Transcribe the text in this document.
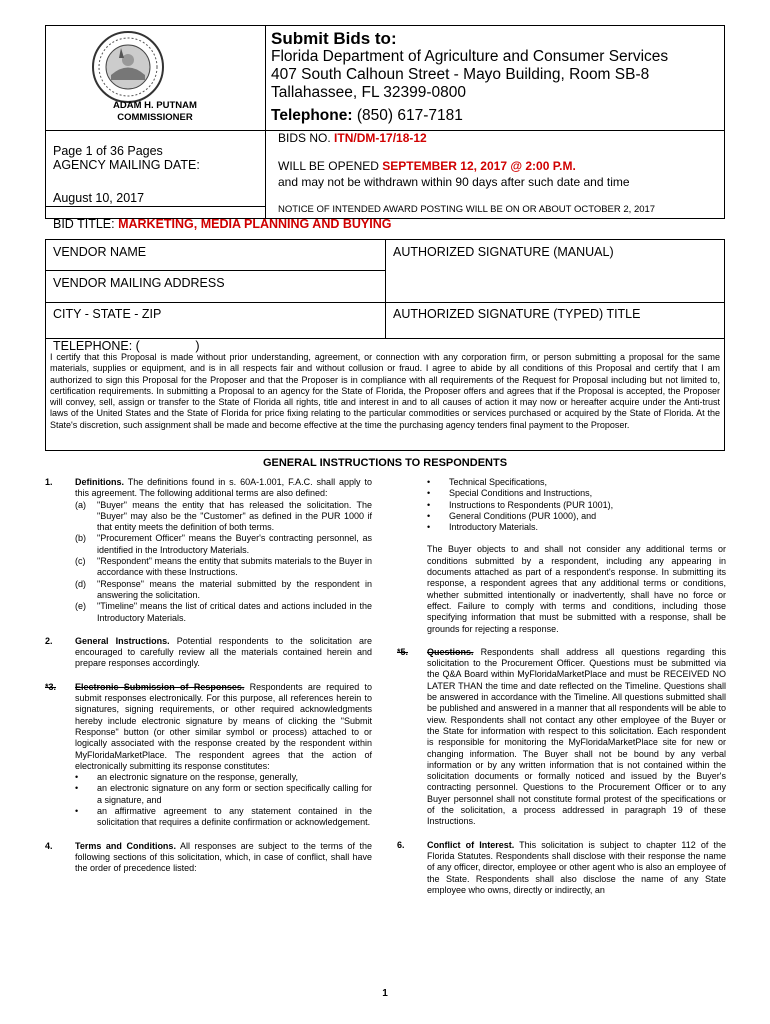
ADAM H. PUTNAM
COMMISSIONER
Page 1 of 36 Pages
AGENCY MAILING DATE:
August 10, 2017
Submit Bids to:
Florida Department of Agriculture and Consumer Services
407 South Calhoun Street - Mayo Building, Room SB-8
Tallahassee, FL 32399-0800
Telephone: (850) 617-7181
BIDS NO. ITN/DM-17/18-12
WILL BE OPENED SEPTEMBER 12, 2017 @ 2:00 P.M.
and may not be withdrawn within 90 days after such date and time
NOTICE OF INTENDED AWARD POSTING WILL BE ON OR ABOUT OCTOBER 2, 2017
BID TITLE: MARKETING, MEDIA PLANNING AND BUYING
VENDOR NAME	AUTHORIZED SIGNATURE (MANUAL)
VENDOR MAILING ADDRESS
CITY - STATE - ZIP	AUTHORIZED SIGNATURE (TYPED) TITLE
TELEPHONE: (                )

I certify that this Proposal is made without prior understanding, agreement, or connection with any corporation firm, or person submitting a proposal for the same materials, supplies or equipment, and is in all respects fair and without collusion or fraud. I agree to abide by all conditions of this Proposal and certify that I am authorized to sign this Proposal for the Proposer and that the Proposer is in compliance with all requirements of the Request for Proposal including but not limited to, certification requirements. In submitting a Proposal to an agency for the State of Florida, the Proposer offers and agrees that if the Proposal is accepted, the Proposer will convey, sell, assign or transfer to the State of Florida all rights, title and interest in and to all causes of action it may now or hereafter acquire under the Anti-trust laws of the United States and the State of Florida for price fixing relating to the particular commodities or services purchased or acquired by the State of Florida. At the State's discretion, such assignment shall be made and become effective at the time the purchasing agency tenders final payment to the Proposer.

GENERAL INSTRUCTIONS TO RESPONDENTS
1. Definitions. The definitions found in s. 60A-1.001, F.A.C. shall apply to this agreement. The following additional terms are also defined:

(a) "Buyer" means the entity that has released the solicitation. The "Buyer" may also be the "Customer" as defined in the PUR 1000 if that entity meets the definition of both terms.

(b) "Procurement Officer" means the Buyer's contracting personnel, as identified in the Introductory Materials.

(c) "Respondent" means the entity that submits materials to the Buyer in accordance with these Instructions.

(d) "Response" means the material submitted by the respondent in answering the solicitation.

(e) "Timeline" means the list of critical dates and actions included in the Introductory Materials.

2. General Instructions. Potential respondents to the solicitation are encouraged to carefully review all the materials contained herein and prepare responses accordingly.

*3. Electronic Submission of Responses. Respondents are required to submit responses electronically. For this purpose, all references herein to signatures, signing requirements, or other required acknowledgments hereby include electronic signature by means of clicking the "Submit Response" button (or other similar symbol or process) attached to or logically associated with the response created by the respondent within MyFloridaMarketPlace. The respondent agrees that the action of electronically submitting its response constitutes:

• an electronic signature on the response, generally,
• an electronic signature on any form or section specifically calling for a signature, and
• an affirmative agreement to any statement contained in the solicitation that requires a definite confirmation or acknowledgement.
4. Terms and Conditions. All responses are subject to the terms of the following sections of this solicitation, which, in case of conflict, shall have the order of precedence listed:

• Technical Specifications,
• Special Conditions and Instructions,
• Instructions to Respondents (PUR 1001),
• General Conditions (PUR 1000), and
• Introductory Materials.

The Buyer objects to and shall not consider any additional terms or conditions submitted by a respondent, including any appearing in documents attached as part of a respondent's response. In submitting its response, a respondent agrees that any additional terms or conditions, whether submitted intentionally or inadvertently, shall have no force or effect. Failure to comply with terms and conditions, including those specifying information that must be submitted with a response, shall be grounds for rejecting a response.

*5. Questions. Respondents shall address all questions regarding this solicitation to the Procurement Officer. Questions must be submitted via the Q&A Board within MyFloridaMarketPlace and must be RECEIVED NO LATER THAN the time and date reflected on the Timeline. Questions shall be answered in accordance with the Timeline. All questions submitted shall be published and answered in a manner that all respondents will be able to view. Respondents shall not contact any other employee of the Buyer or the State for information with respect to this solicitation. Each respondent is responsible for monitoring the MyFloridaMarketPlace site for new or changing information. The Buyer shall not be bound by any verbal information or by any written information that is not contained within the solicitation documents or formally noticed and issued by the Buyer's contracting personnel. Questions to the Procurement Officer or to any Buyer personnel shall not constitute formal protest of the specifications or of the solicitation, a process addressed in paragraph 19 of these Instructions.

6. Conflict of Interest. This solicitation is subject to chapter 112 of the Florida Statutes. Respondents shall disclose with their response the name of any officer, director, employee or other agent who is also an employee of the State. Respondents shall also disclose the name of any State employee who owns, directly or indirectly, an

1
